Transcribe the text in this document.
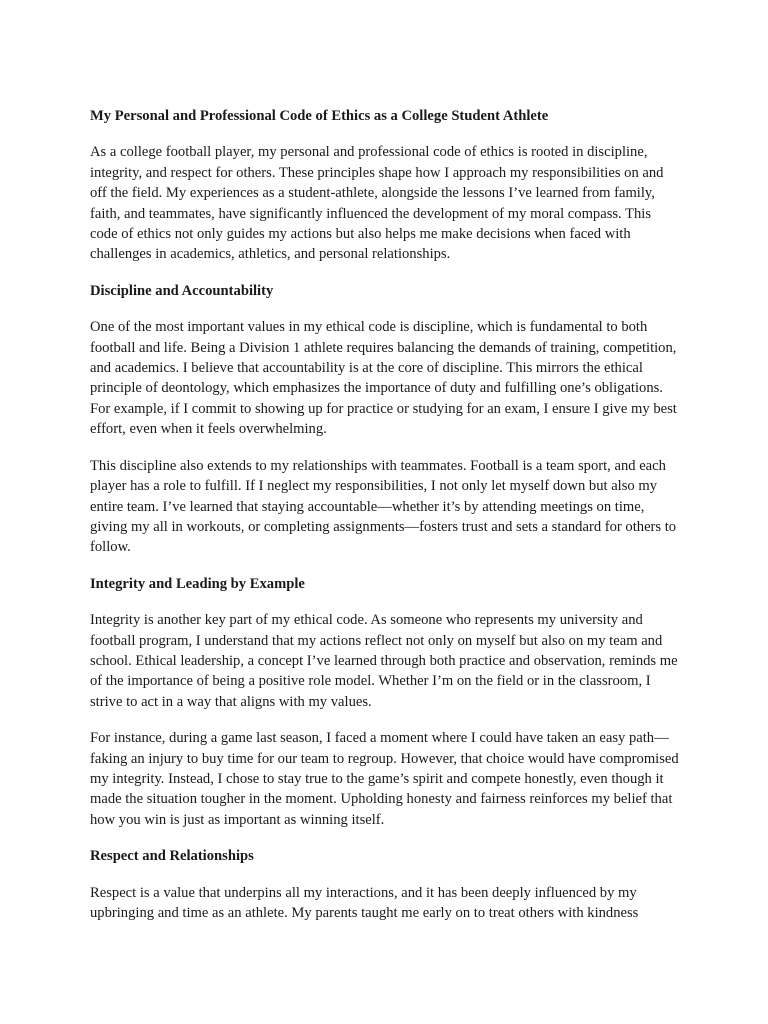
My Personal and Professional Code of Ethics as a College Student Athlete

As a college football player, my personal and professional code of ethics is rooted in discipline, integrity, and respect for others. These principles shape how I approach my responsibilities on and off the field. My experiences as a student-athlete, alongside the lessons I’ve learned from family, faith, and teammates, have significantly influenced the development of my moral compass. This code of ethics not only guides my actions but also helps me make decisions when faced with challenges in academics, athletics, and personal relationships.

Discipline and Accountability

One of the most important values in my ethical code is discipline, which is fundamental to both football and life. Being a Division 1 athlete requires balancing the demands of training, competition, and academics. I believe that accountability is at the core of discipline. This mirrors the ethical principle of deontology, which emphasizes the importance of duty and fulfilling one’s obligations. For example, if I commit to showing up for practice or studying for an exam, I ensure I give my best effort, even when it feels overwhelming.

This discipline also extends to my relationships with teammates. Football is a team sport, and each player has a role to fulfill. If I neglect my responsibilities, I not only let myself down but also my entire team. I’ve learned that staying accountable—whether it’s by attending meetings on time, giving my all in workouts, or completing assignments—fosters trust and sets a standard for others to follow.

Integrity and Leading by Example

Integrity is another key part of my ethical code. As someone who represents my university and football program, I understand that my actions reflect not only on myself but also on my team and school. Ethical leadership, a concept I’ve learned through both practice and observation, reminds me of the importance of being a positive role model. Whether I’m on the field or in the classroom, I strive to act in a way that aligns with my values.

For instance, during a game last season, I faced a moment where I could have taken an easy path—faking an injury to buy time for our team to regroup. However, that choice would have compromised my integrity. Instead, I chose to stay true to the game’s spirit and compete honestly, even though it made the situation tougher in the moment. Upholding honesty and fairness reinforces my belief that how you win is just as important as winning itself.

Respect and Relationships

Respect is a value that underpins all my interactions, and it has been deeply influenced by my upbringing and time as an athlete. My parents taught me early on to treat others with kindness
